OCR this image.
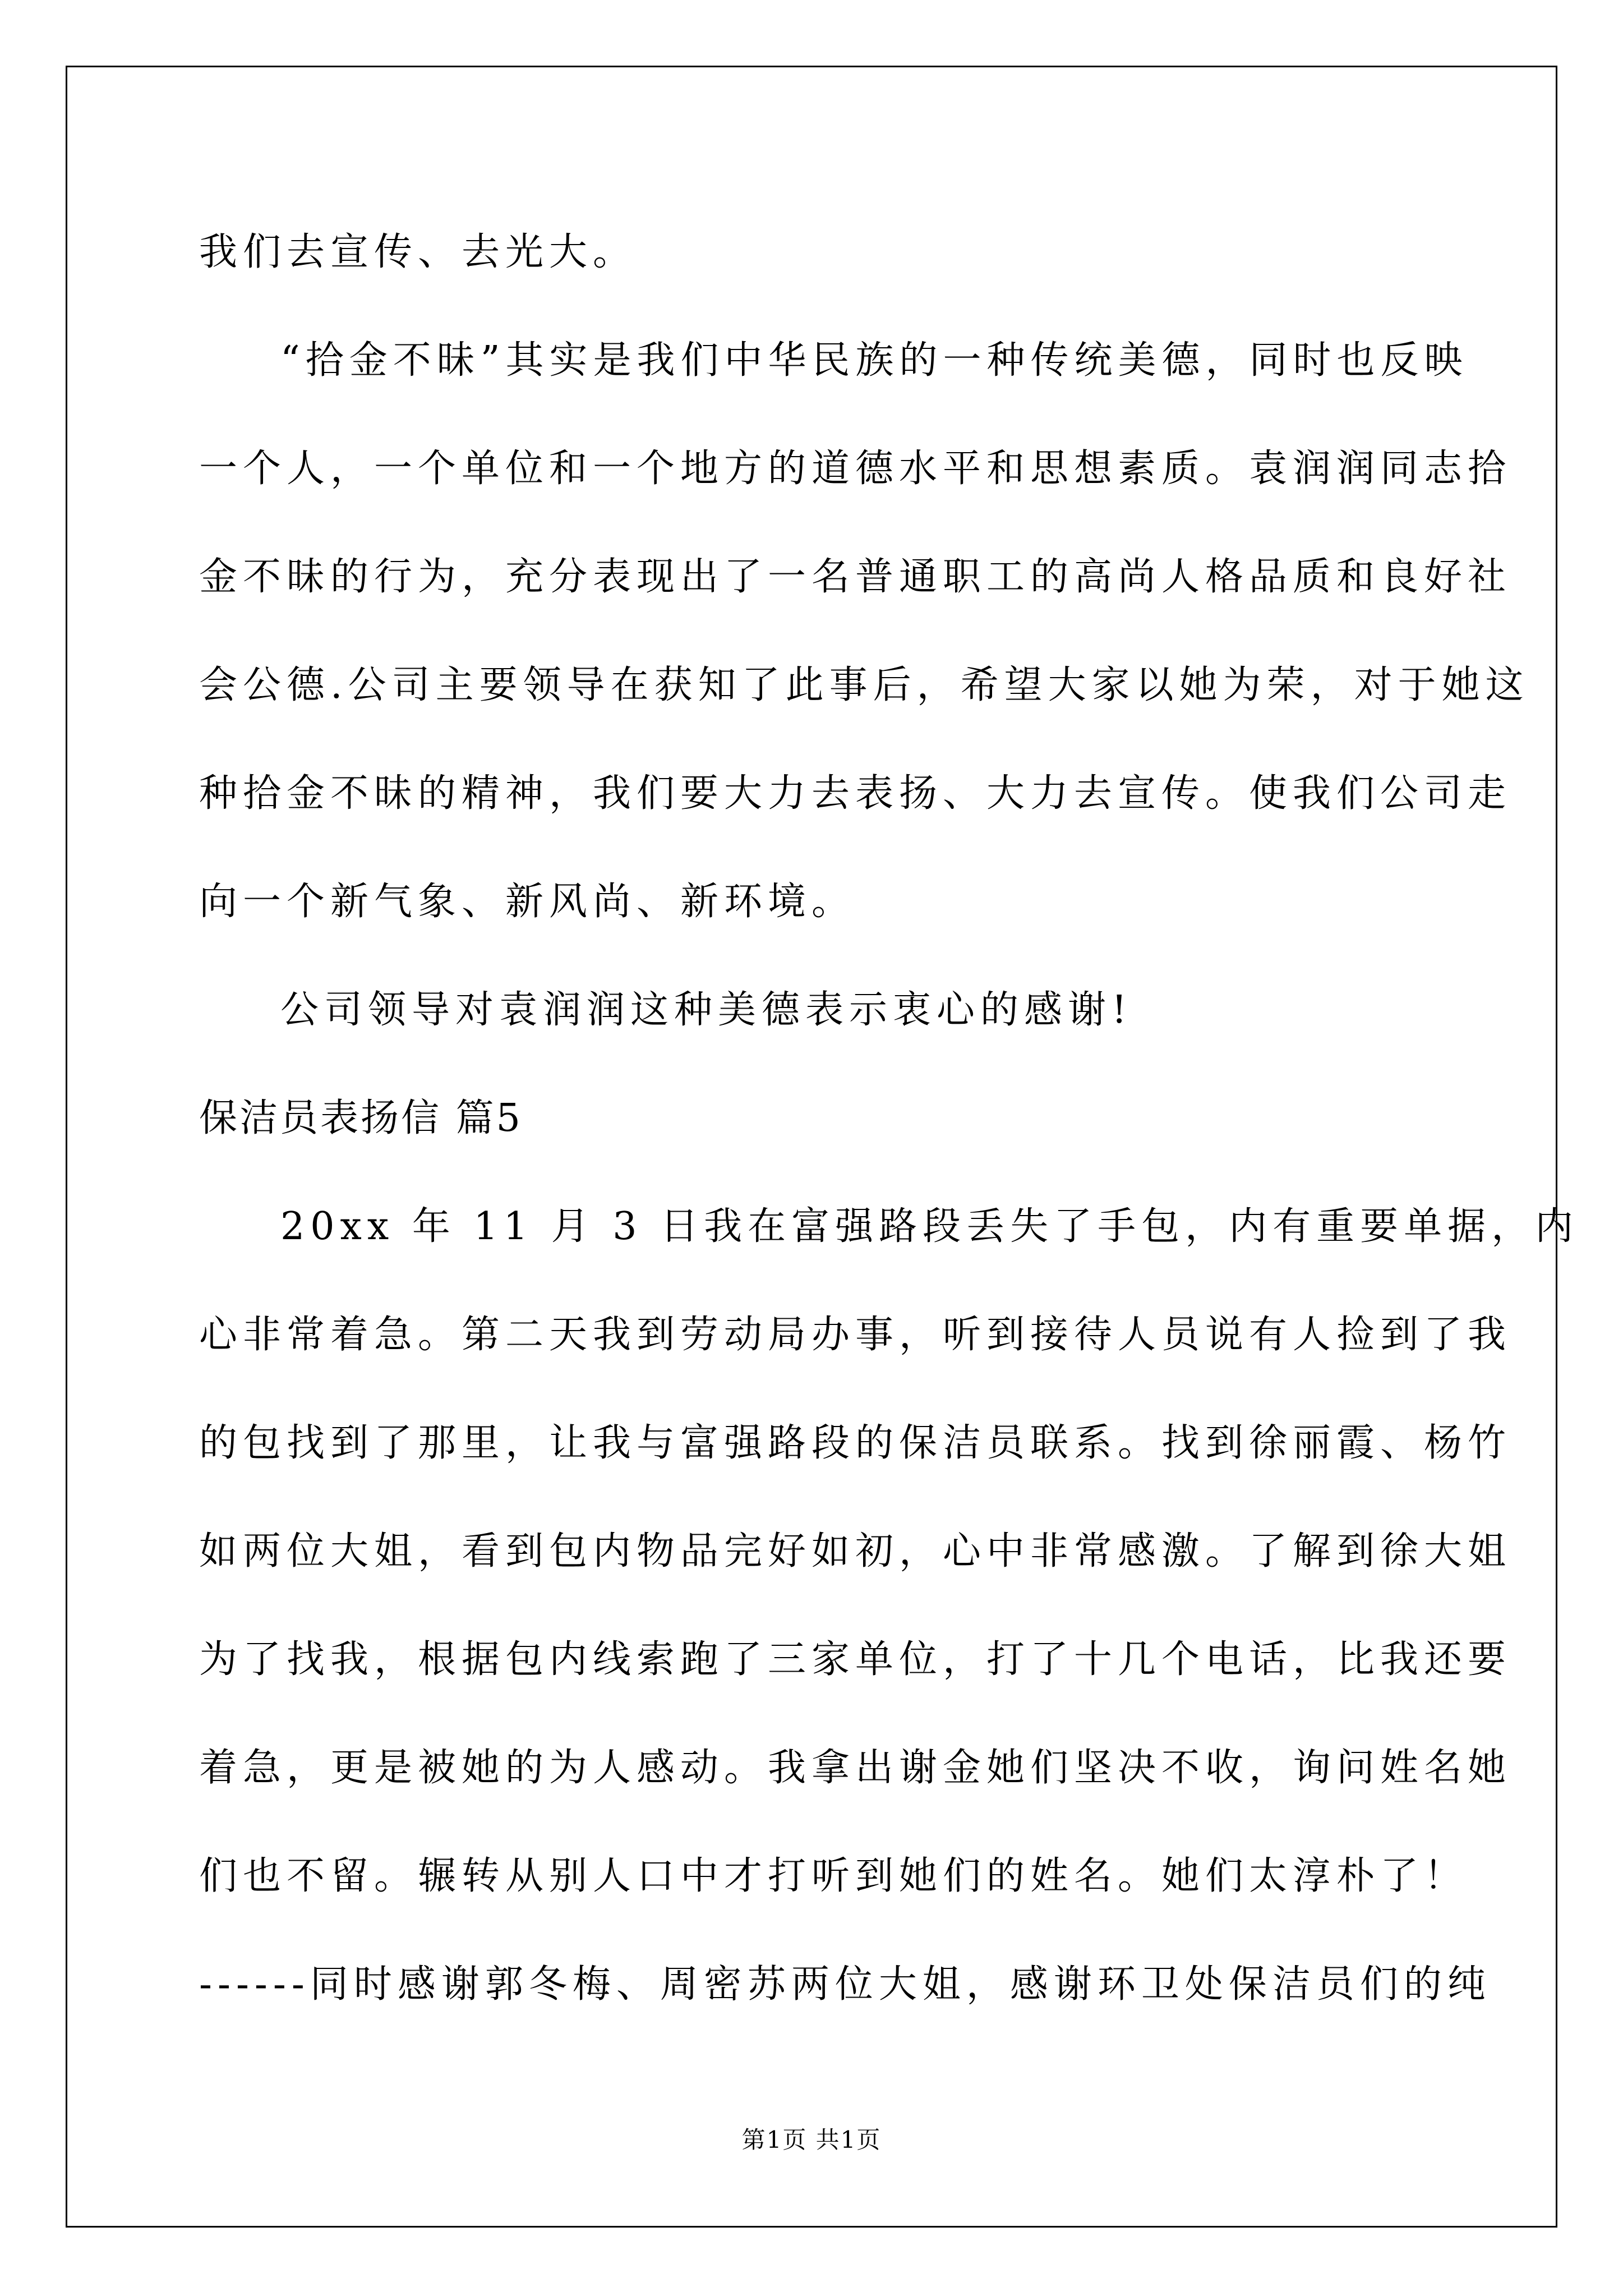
我们去宣传、去光大。
“拾金不昧”其实是我们中华民族的一种传统美德，同时也反映
一个人，一个单位和一个地方的道德水平和思想素质。袁润润同志拾
金不昧的行为，充分表现出了一名普通职工的高尚人格品质和良好社
会公德.公司主要领导在获知了此事后，希望大家以她为荣，对于她这
种拾金不昧的精神，我们要大力去表扬、大力去宣传。使我们公司走
向一个新气象、新风尚、新环境。
公司领导对袁润润这种美德表示衷心的感谢!
保洁员表扬信 篇5
20xx 年 11 月 3 日我在富强路段丢失了手包，内有重要单据，内
心非常着急。第二天我到劳动局办事，听到接待人员说有人捡到了我
的包找到了那里，让我与富强路段的保洁员联系。找到徐丽霞、杨竹
如两位大姐，看到包内物品完好如初，心中非常感激。了解到徐大姐
为了找我，根据包内线索跑了三家单位，打了十几个电话，比我还要
着急，更是被她的为人感动。我拿出谢金她们坚决不收，询问姓名她
们也不留。辗转从别人口中才打听到她们的姓名。她们太淳朴了！
------同时感谢郭冬梅、周密苏两位大姐，感谢环卫处保洁员们的纯
第1页 共1页
